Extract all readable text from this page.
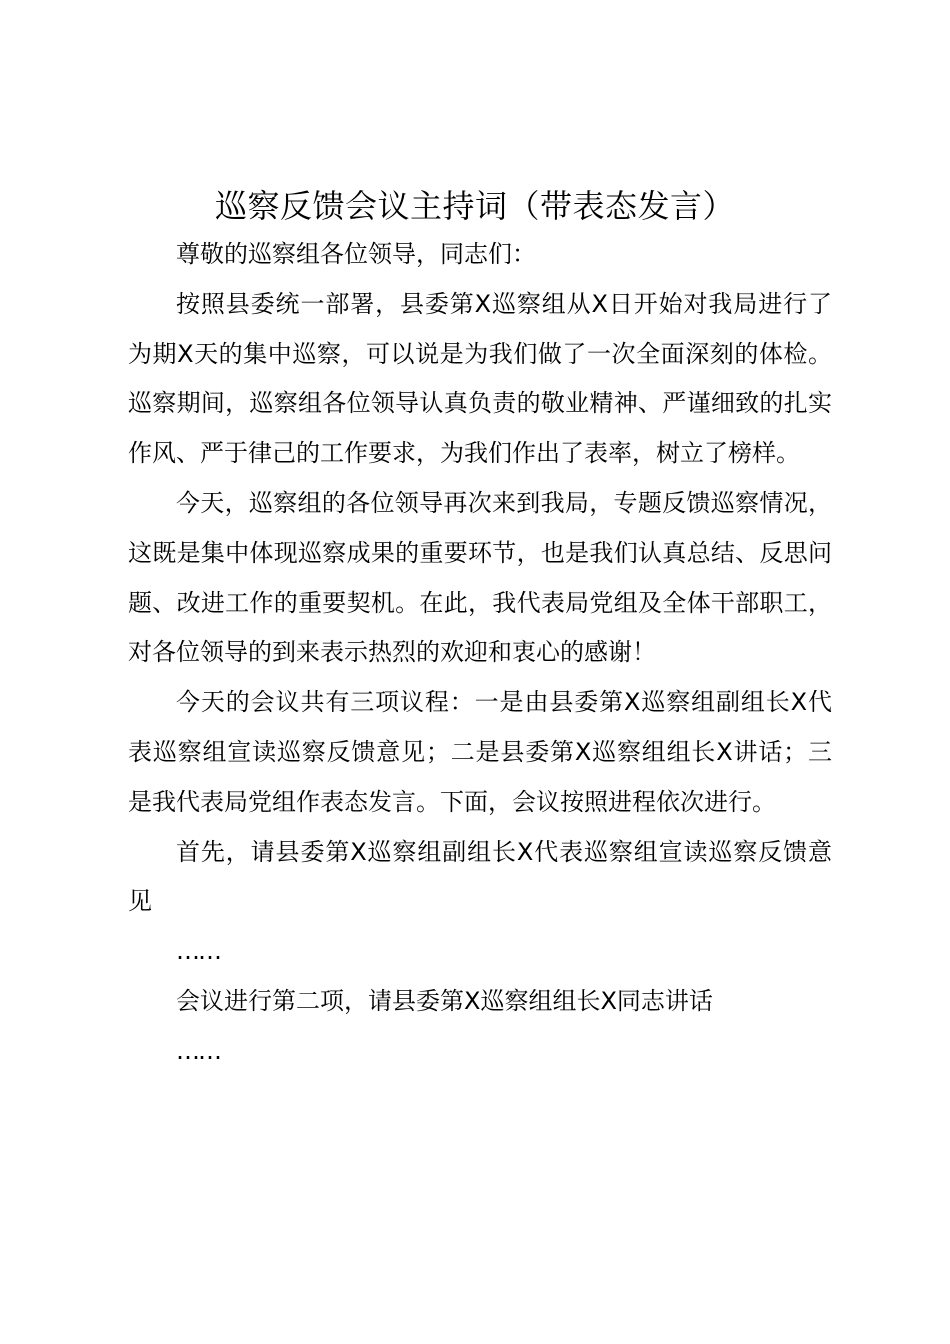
巡察反馈会议主持词（带表态发言）

尊敬的巡察组各位领导，同志们：

按照县委统一部署，县委第X巡察组从X日开始对我局进行了为期X天的集中巡察，可以说是为我们做了一次全面深刻的体检。巡察期间，巡察组各位领导认真负责的敬业精神、严谨细致的扎实作风、严于律己的工作要求，为我们作出了表率，树立了榜样。

今天，巡察组的各位领导再次来到我局，专题反馈巡察情况，这既是集中体现巡察成果的重要环节，也是我们认真总结、反思问题、改进工作的重要契机。在此，我代表局党组及全体干部职工，对各位领导的到来表示热烈的欢迎和衷心的感谢！

今天的会议共有三项议程：一是由县委第X巡察组副组长X代表巡察组宣读巡察反馈意见；二是县委第X巡察组组长X讲话；三是我代表局党组作表态发言。下面，会议按照进程依次进行。

首先，请县委第X巡察组副组长X代表巡察组宣读巡察反馈意见

……

会议进行第二项，请县委第X巡察组组长X同志讲话

……
